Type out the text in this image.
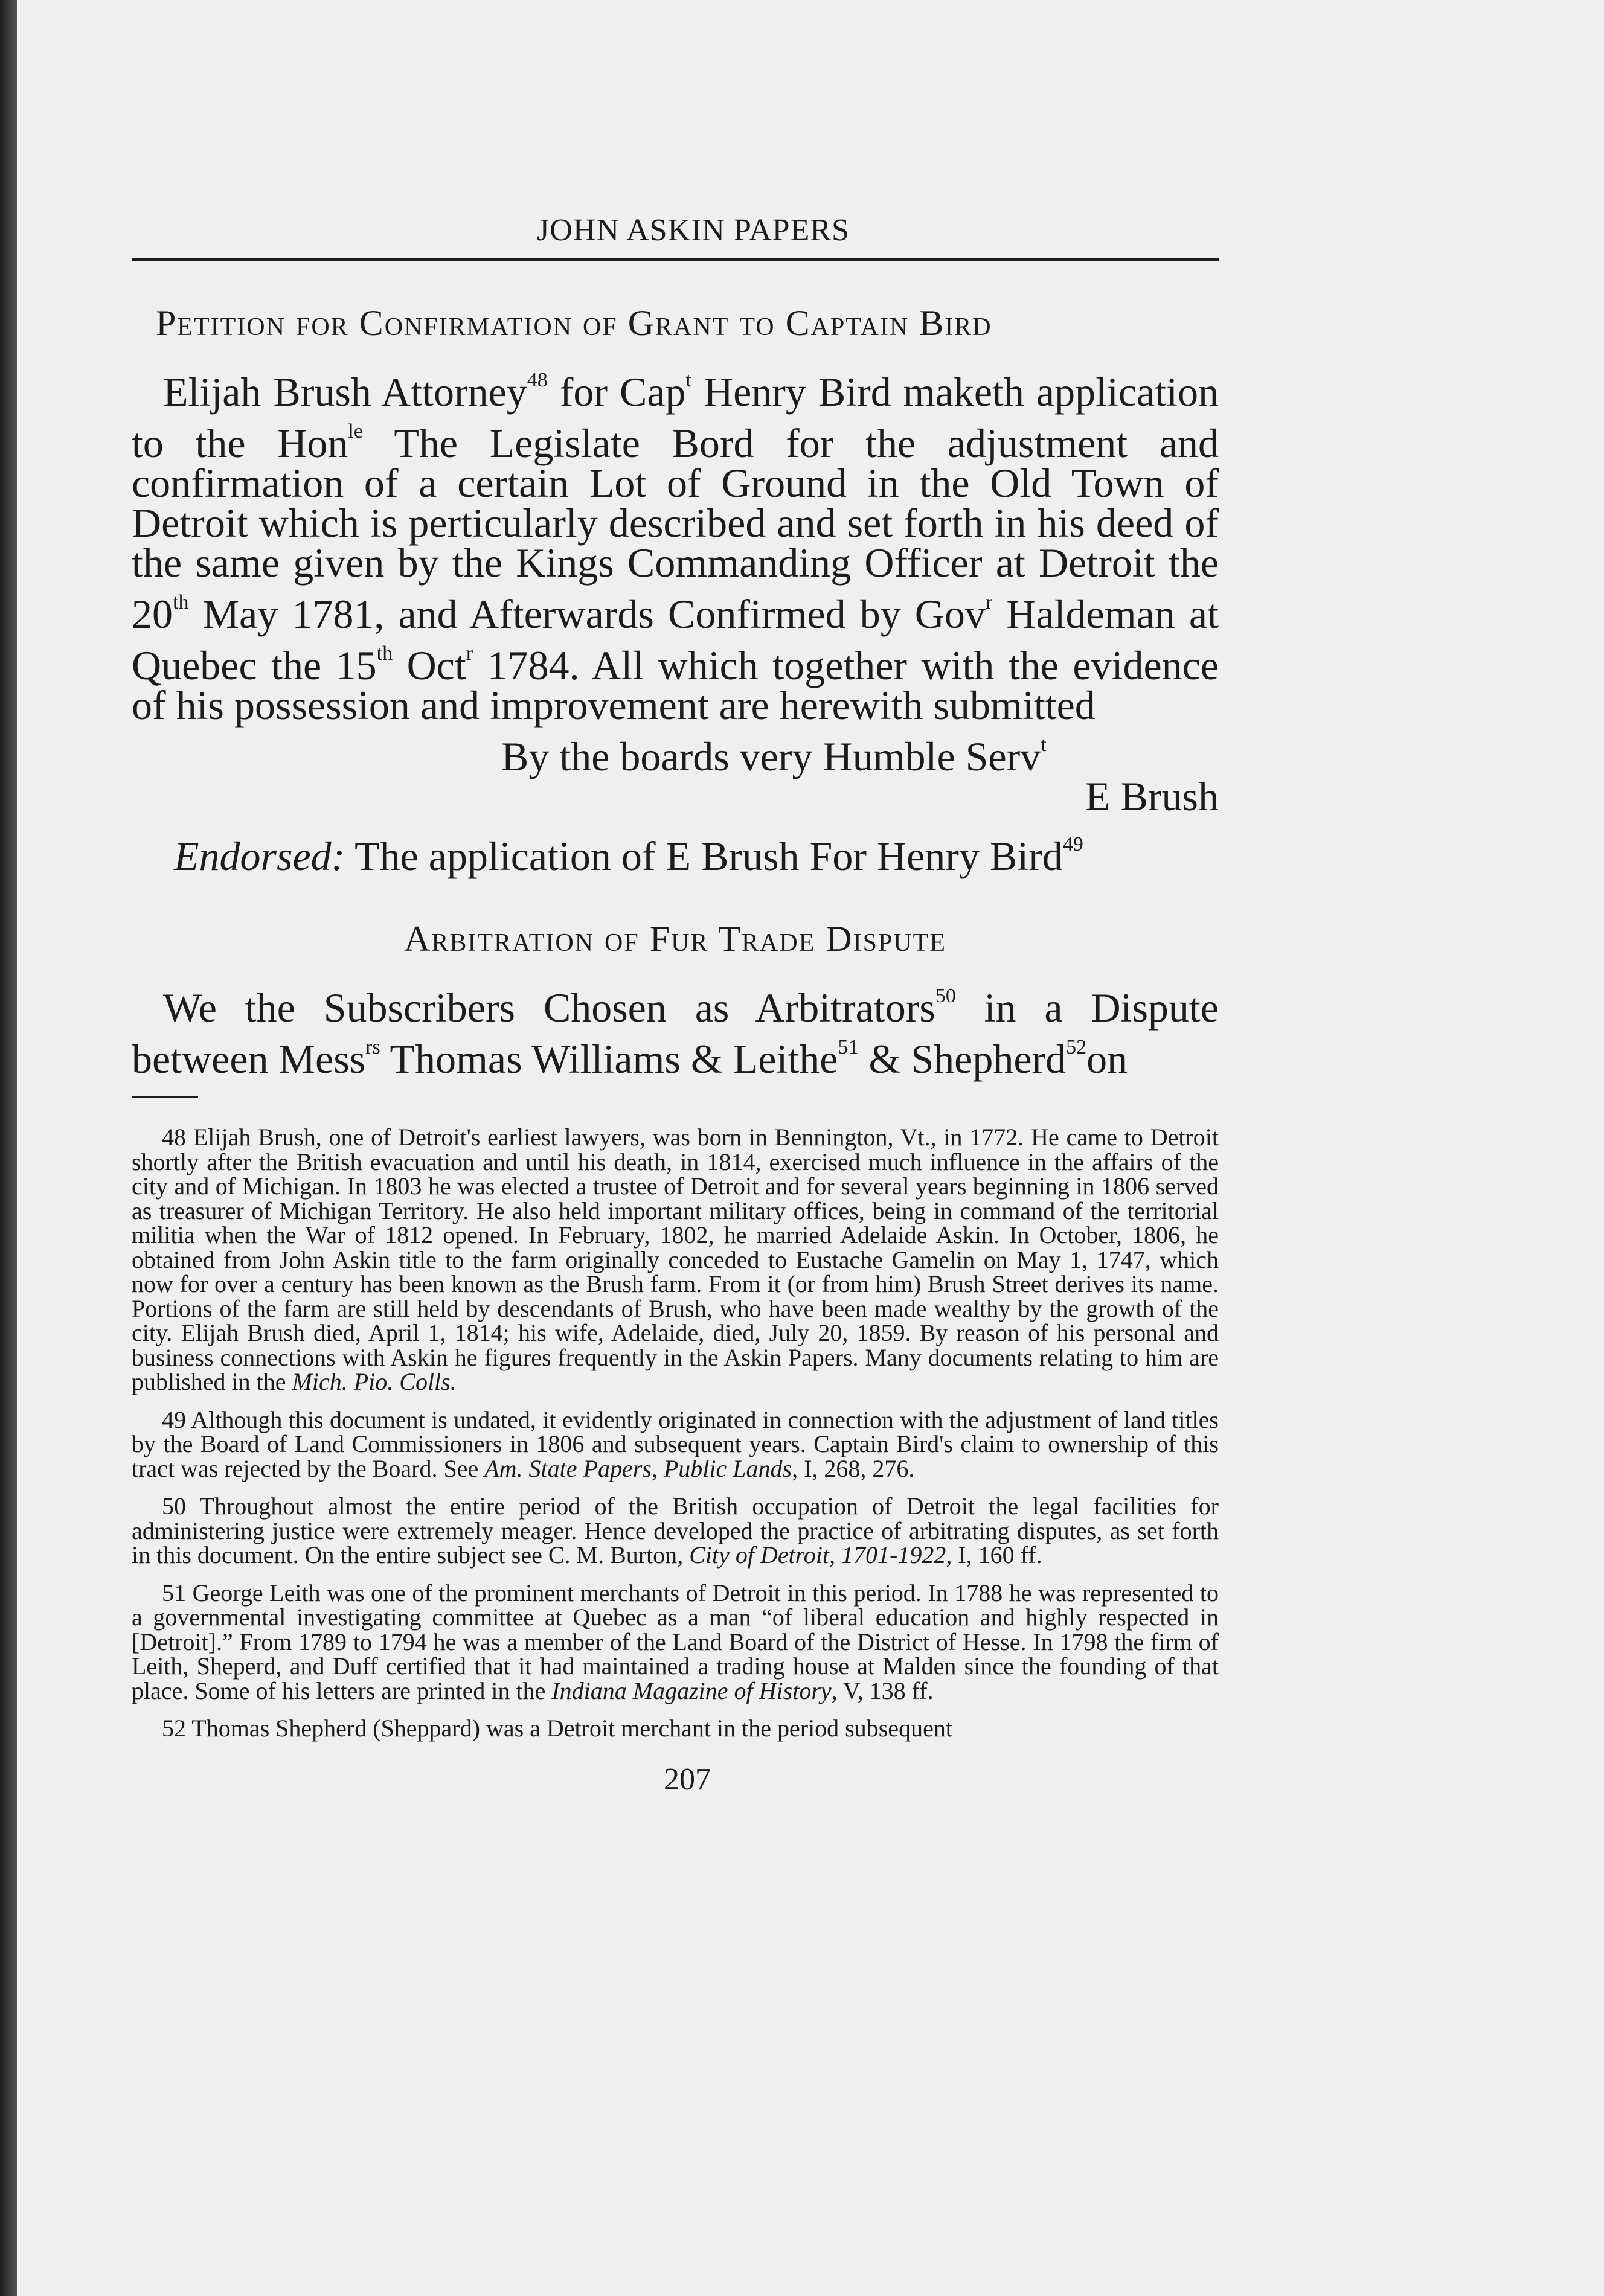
JOHN ASKIN PAPERS
Petition for Confirmation of Grant to Captain Bird

Elijah Brush Attorney$^{48}$ for Cap$^t$ Henry Bird maketh application to the Hon$^{le}$ The Legislate Bord for the adjustment and confirmation of a certain Lot of Ground in the Old Town of Detroit which is perticularly described and set forth in his deed of the same given by the Kings Commanding Officer at Detroit the 20th May 1781, and Afterwards Confirmed by Gov$^r$ Haldeman at Quebec the 15th Oct$^r$ 1784. All which together with the evidence of his possession and improvement are herewith submitted

By the boards very Humble Serv$^t$
E Brush
Endorsed: The application of E Brush For Henry Bird$^{49}$
Arbitration of Fur Trade Dispute

We the Subscribers Chosen as Arbitrators$^{50}$ in a Dispute between Mess$^{rs}$ Thomas Williams & Leithe$^{51}$ & Shepherd$^{52}$on

48 Elijah Brush, one of Detroit's earliest lawyers, was born in Bennington, Vt., in 1772. He came to Detroit shortly after the British evacuation and until his death, in 1814, exercised much influence in the affairs of the city and of Michigan. In 1803 he was elected a trustee of Detroit and for several years beginning in 1806 served as treasurer of Michigan Territory. He also held important military offices, being in command of the territorial militia when the War of 1812 opened. In February, 1802, he married Adelaide Askin. In October, 1806, he obtained from John Askin title to the farm originally conceded to Eustache Gamelin on May 1, 1747, which now for over a century has been known as the Brush farm. From it (or from him) Brush Street derives its name. Portions of the farm are still held by descendants of Brush, who have been made wealthy by the growth of the city. Elijah Brush died, April 1, 1814; his wife, Adelaide, died, July 20, 1859. By reason of his personal and business connections with Askin he figures frequently in the Askin Papers. Many documents relating to him are published in the Mich. Pio. Colls.

49 Although this document is undated, it evidently originated in connection with the adjustment of land titles by the Board of Land Commissioners in 1806 and subsequent years. Captain Bird's claim to ownership of this tract was rejected by the Board. See Am. State Papers, Public Lands, I, 268, 276.

50 Throughout almost the entire period of the British occupation of Detroit the legal facilities for administering justice were extremely meager. Hence developed the practice of arbitrating disputes, as set forth in this document. On the entire subject see C. M. Burton, City of Detroit, 1701-1922, I, 160 ff.

51 George Leith was one of the prominent merchants of Detroit in this period. In 1788 he was represented to a governmental investigating committee at Quebec as a man “of liberal education and highly respected in [Detroit].” From 1789 to 1794 he was a member of the Land Board of the District of Hesse. In 1798 the firm of Leith, Sheperd, and Duff certified that it had maintained a trading house at Malden since the founding of that place. Some of his letters are printed in the Indiana Magazine of History, V, 138 ff.

52 Thomas Shepherd (Sheppard) was a Detroit merchant in the period subsequent

207
